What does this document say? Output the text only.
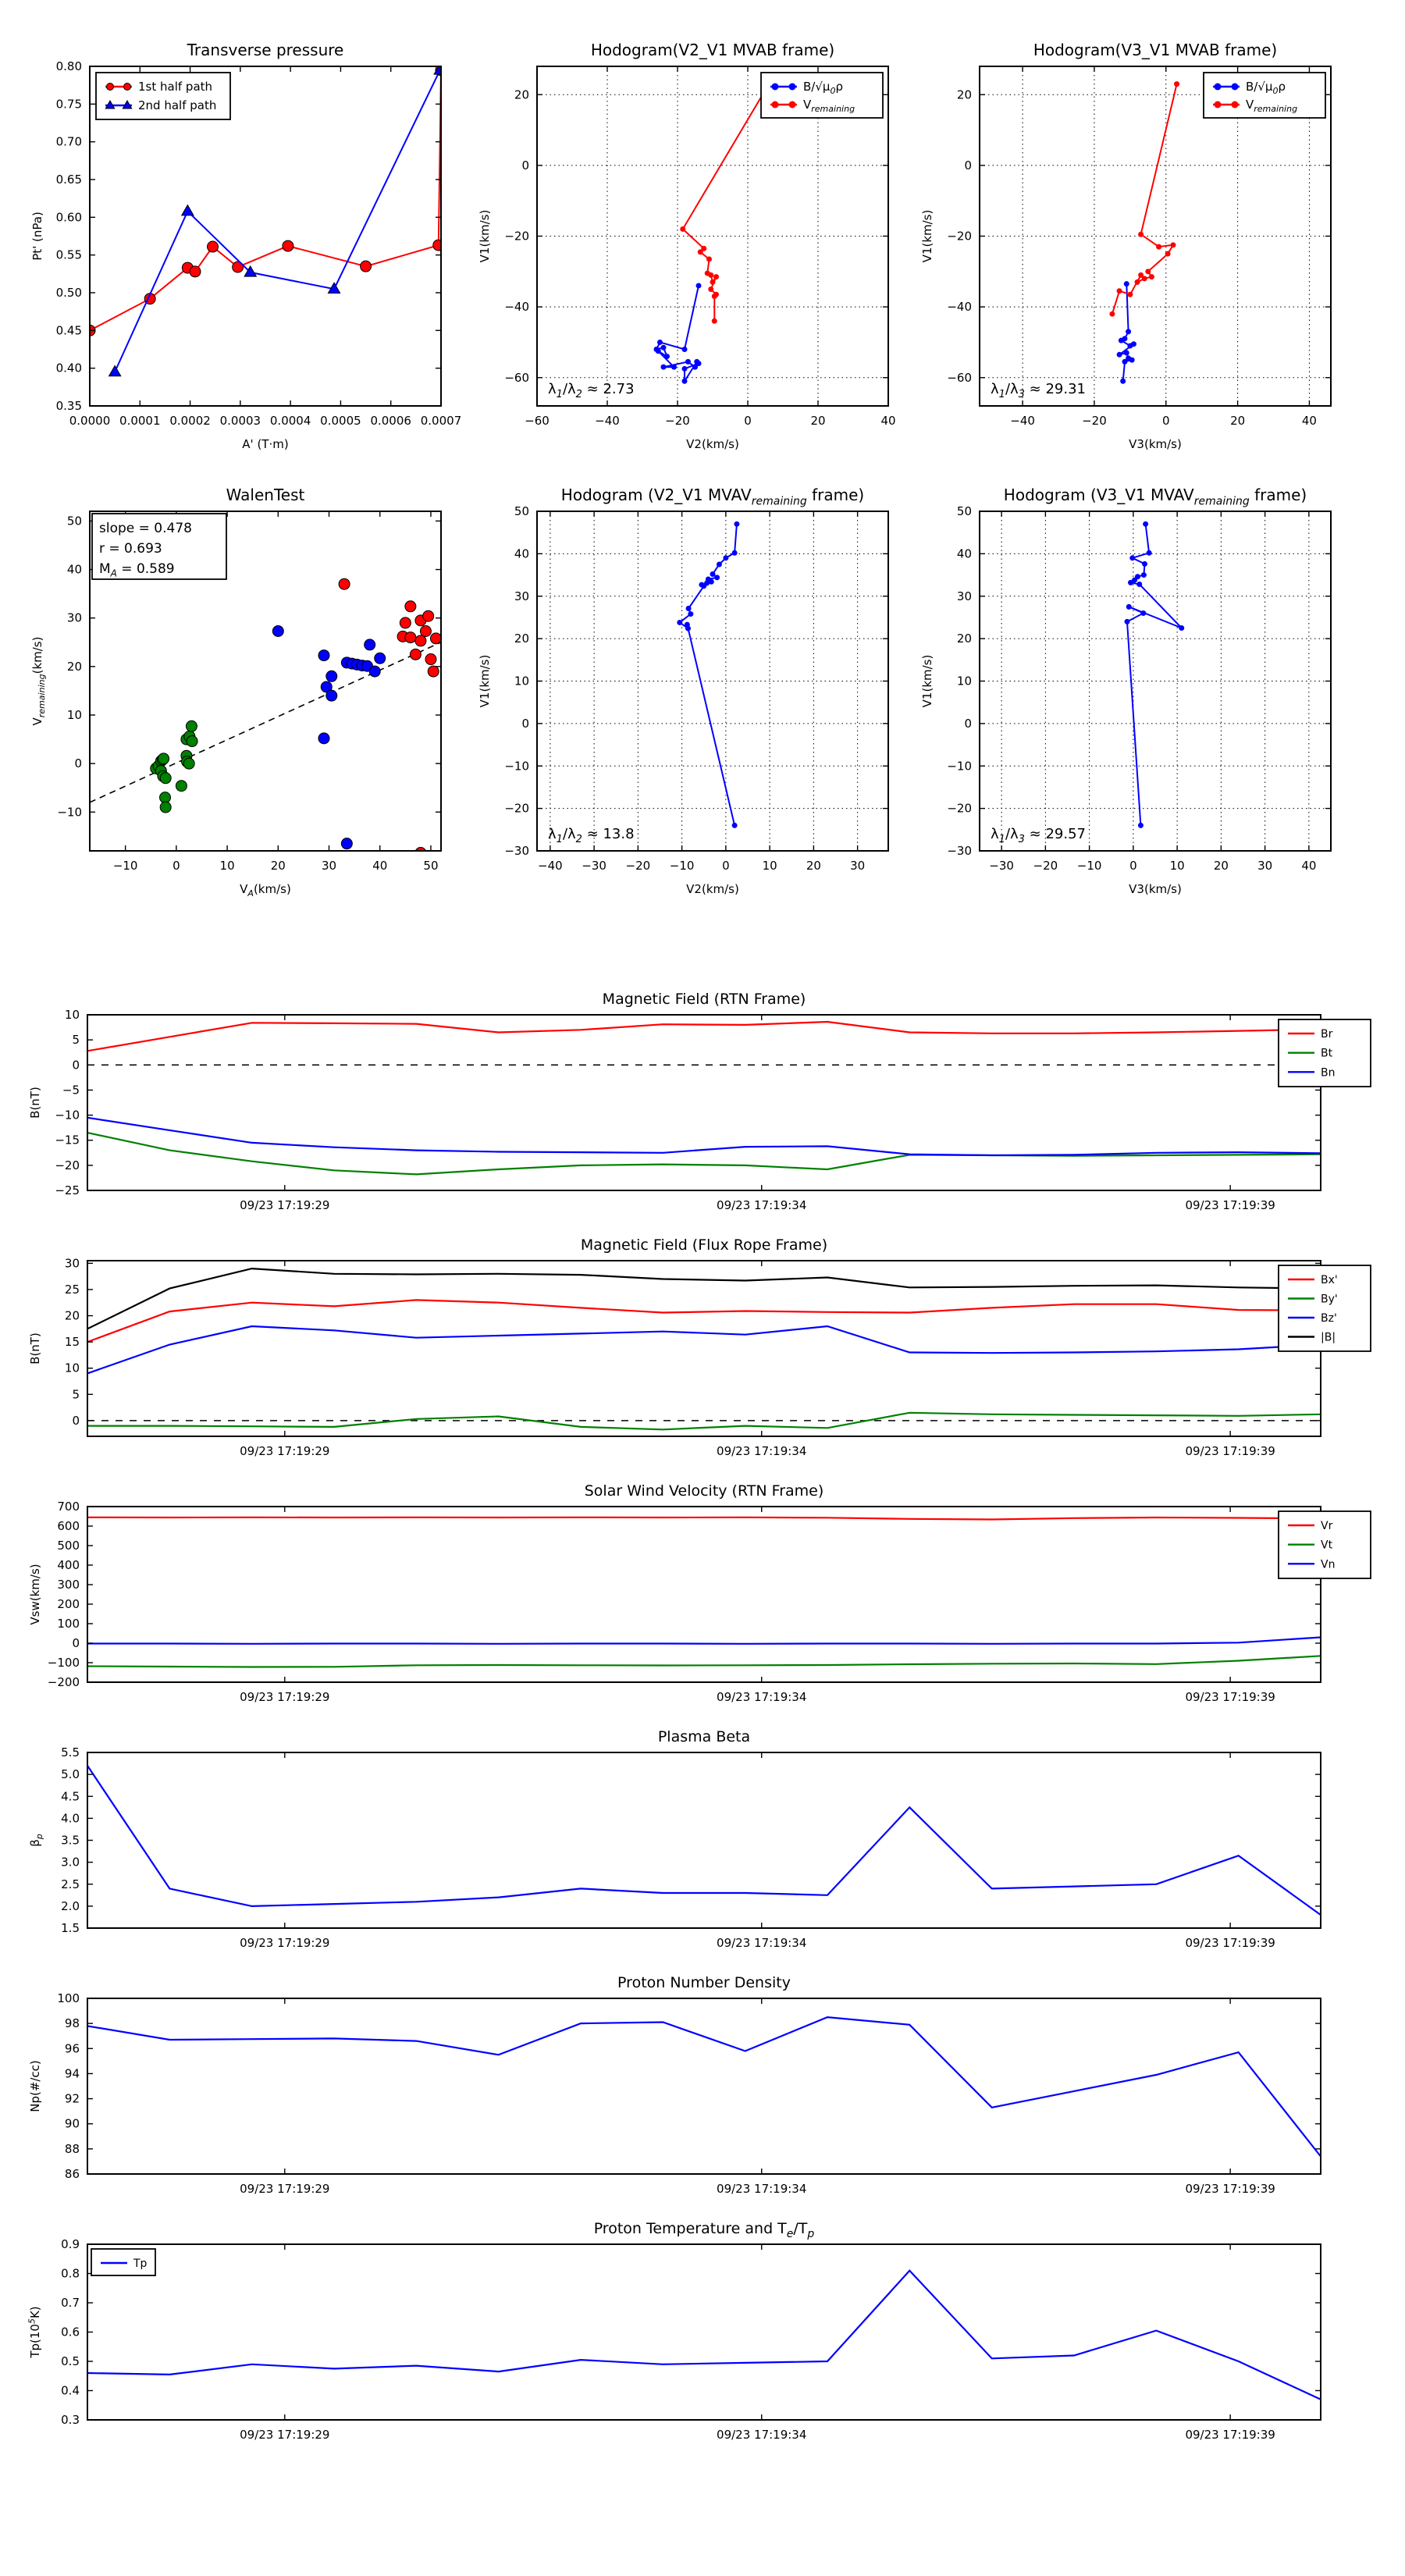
0.0000 0.0001 0.0002 0.0003 0.0004 0.0005 0.0006 0.0007
0.35
0.40
0.45
0.50
0.55
0.60
0.65
0.70
0.75
0.80
Transverse pressure
A' (T·m)
Pt' (nPa)
1st half path
2nd half path
−60	−40	−20	0	20	40
−60
−40
−20
0
20
Hodogram(V2_V1 MVAB frame)
V2(km/s)
V1(km/s)
$\lambda_1/\lambda_2 \approx 2.73$
$B/√\mu_0\rho$
$V_{remaining}$
−40	−20	0	20	40
−60
−40
−20
0
20
Hodogram(V3_V1 MVAB frame)
V3(km/s)
V1(km/s)
$\lambda_1/\lambda_3 \approx 29.31$
$B/√\mu_0\rho$
$V_{remaining}$
−10	0	10	20	30	40	50
−10
0
10
20
30
40
50
WalenTest
$V_A(km/s)$
$V_{remaining}(km/s)$
slope = 0.478
r = 0.693
$M_A = 0.589$
−40 −30 −20 −10 0	10 20 30
−30
−20
−10
0
10
20
30
40
50
Hodogram (V2_V1 $MVAV_{remaining}$ frame)
V2(km/s)
V1(km/s)
$\lambda_1/\lambda_2 \approx 13.8$
−30 −20 −10 0	10 20 30 40
−30
−20
−10
0
10
20
30
40
50
Hodogram (V3_V1 $MVAV_{remaining}$ frame)
V3(km/s)
V1(km/s)
$\lambda_1/\lambda_3 \approx 29.57$
09/23 17:19:29	09/23 17:19:34	09/23 17:19:39
−25
−20
−15
−10
−5
0
5
10
Magnetic Field (RTN Frame)
B(nT)
Br
Bt
Bn
09/23 17:19:29	09/23 17:19:34	09/23 17:19:39
0
5
10
15
20
25
30
Magnetic Field (Flux Rope Frame)
B(nT)
Bx'
By'
Bz'
|B|
09/23 17:19:29	09/23 17:19:34	09/23 17:19:39
−200
−100
0
100
200
300
400
500
600
700
Solar Wind Velocity (RTN Frame)
Vsw(km/s)
Vr
Vt
Vn
09/23 17:19:29	09/23 17:19:34	09/23 17:19:39
1.5
2.0
2.5
3.0
3.5
4.0
4.5
5.0
5.5
Plasma Beta
$\beta_p$
09/23 17:19:29	09/23 17:19:34	09/23 17:19:39
86
88
90
92
94
96
98
100
Proton Number Density
Np(#/cc)
09/23 17:19:29	09/23 17:19:34	09/23 17:19:39
0.3
0.4
0.5
0.6
0.7
0.8
0.9
Proton Temperature and $T_e/T_p$
$Tp(10^5K)$
Tp
